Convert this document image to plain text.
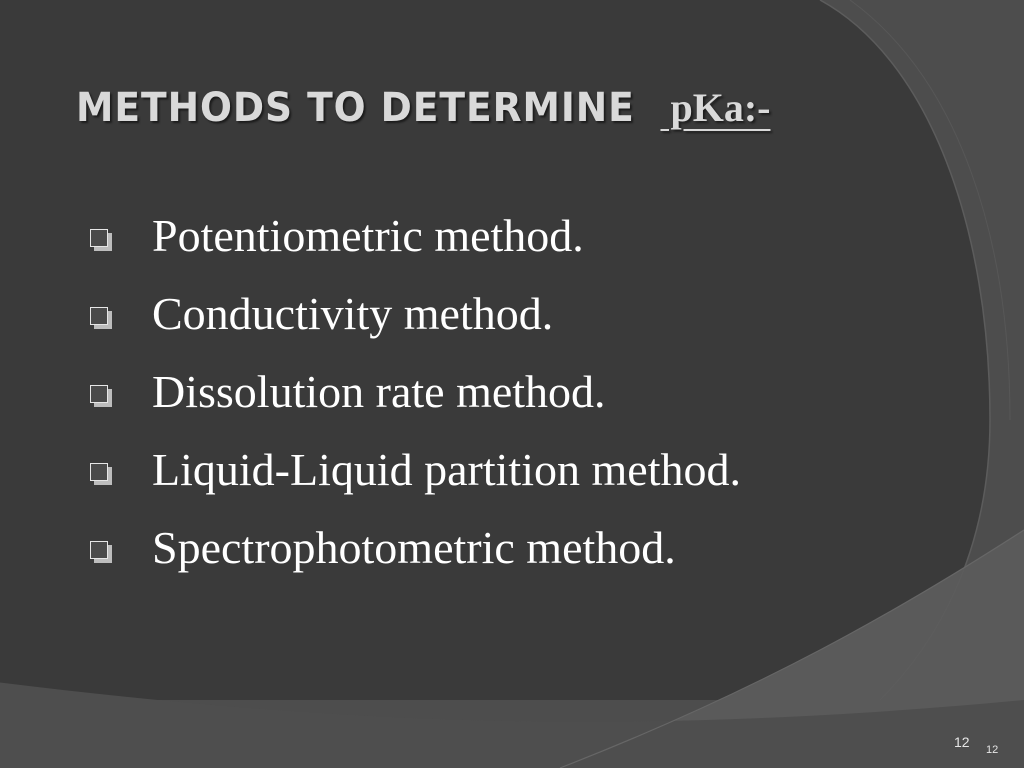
METHODS TO DETERMINE pKa:-
Potentiometric method.
Conductivity method.
Dissolution rate method.
Liquid-Liquid partition method.
Spectrophotometric method.
12 12
